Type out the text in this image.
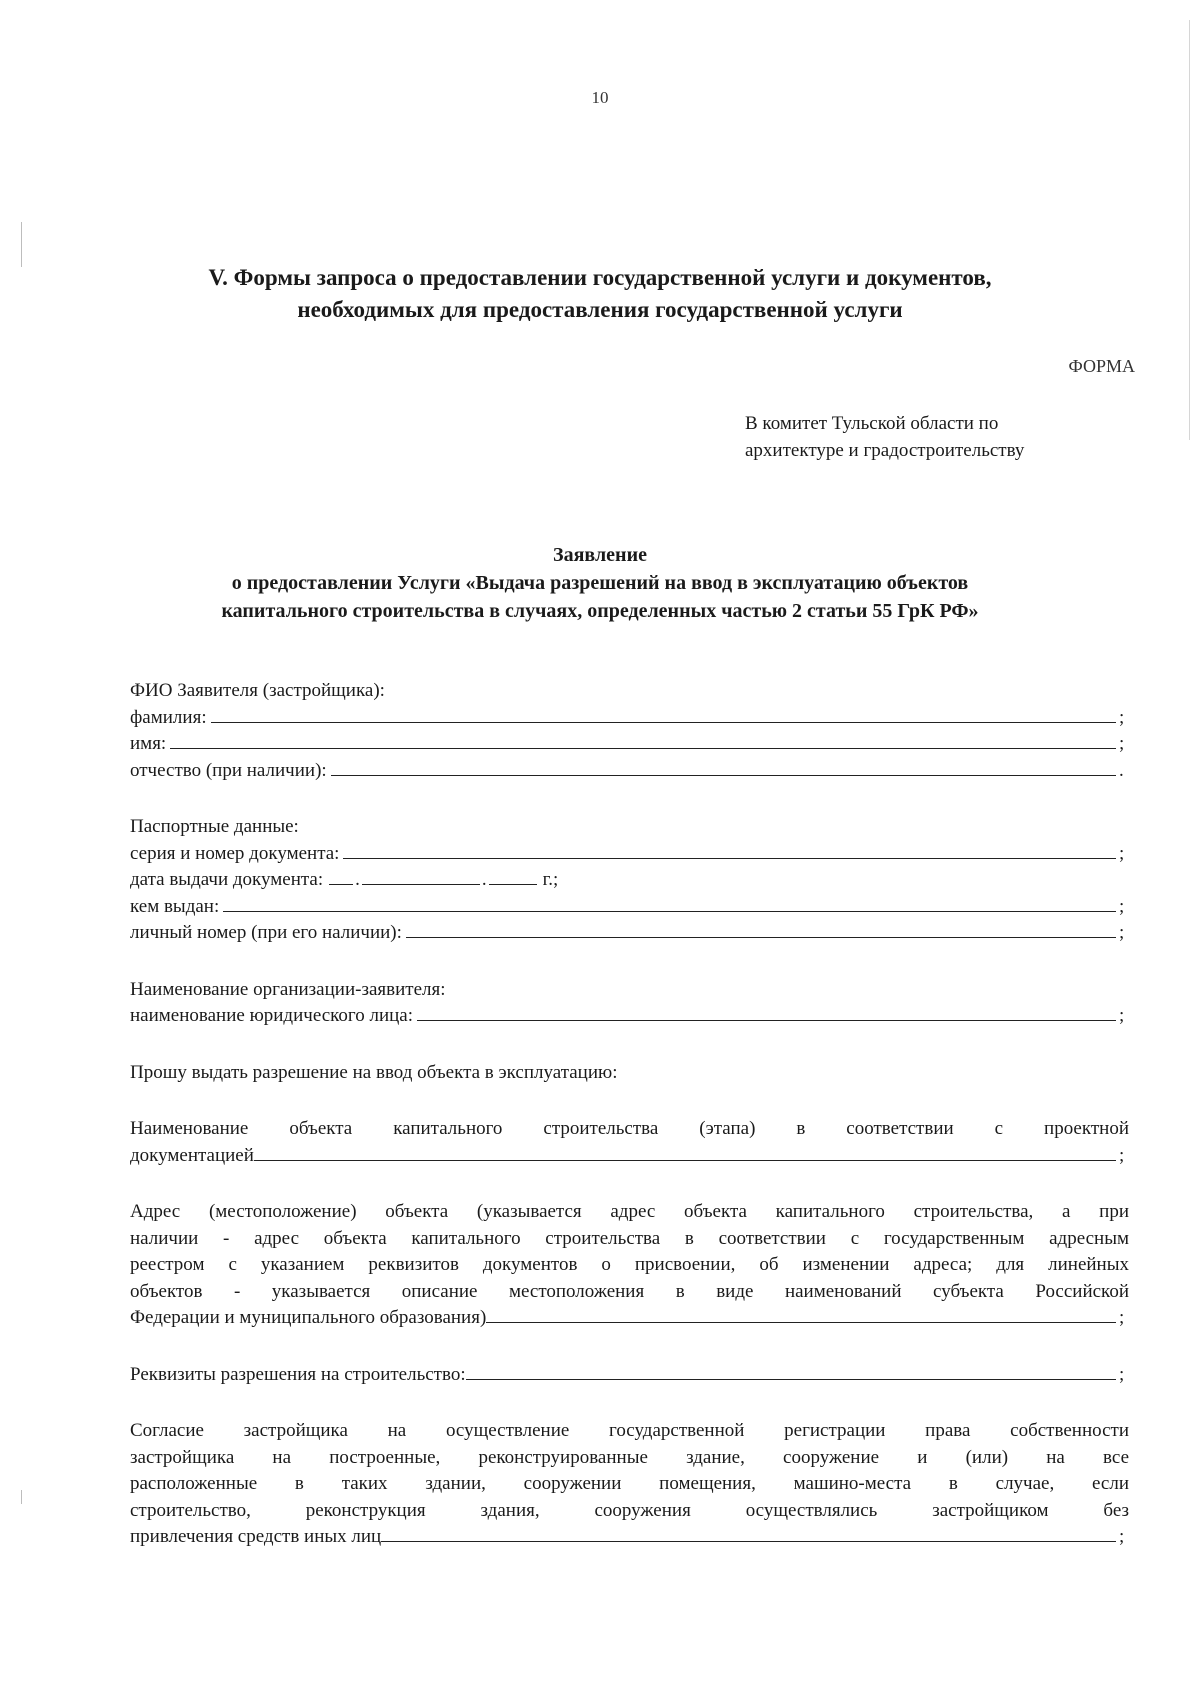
10
V. Формы запроса о предоставлении государственной услуги и документов,
необходимых для предоставления государственной услуги
ФОРМА
В комитет Тульской области по
архитектуре и градостроительству
Заявление
о предоставлении Услуги «Выдача разрешений на ввод в эксплуатацию объектов
капитального строительства в случаях, определенных частью 2 статьи 55 ГрК РФ»
ФИО Заявителя (застройщика):
фамилия:	;
имя:	;
отчество (при наличии):	.
Паспортные данные:
серия и номер документа:	;
дата выдачи документа: .	.	г.;
кем выдан:	;
личный номер (при его наличии):	;
Наименование организации-заявителя:
наименование юридического лица:	;
Прошу выдать разрешение на ввод объекта в эксплуатацию:
Наименование объекта капитального строительства (этапа) в соответствии с проектной
документацией	;
Адрес (местоположение) объекта (указывается адрес объекта капитального строительства, а при
наличии - адрес объекта капитального строительства в соответствии с государственным адресным
реестром с указанием реквизитов документов о присвоении, об изменении адреса; для линейных
объектов - указывается описание местоположения в виде наименований субъекта Российской
Федерации и муниципального образования)	;
Реквизиты разрешения на строительство:	;
Согласие застройщика на осуществление государственной регистрации права собственности
застройщика на построенные, реконструированные здание, сооружение и (или) на все
расположенные в таких здании, сооружении помещения, машино-места в случае, если
строительство, реконструкция здания, сооружения осуществлялись застройщиком без
привлечения средств иных лиц	;
